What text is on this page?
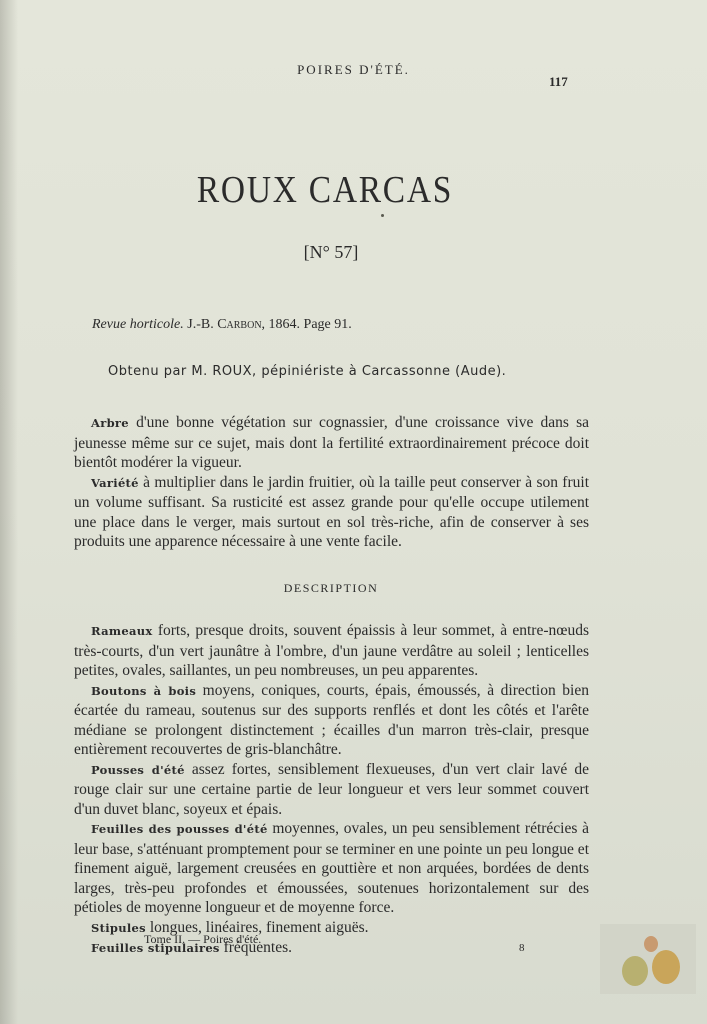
POIRES D'ÉTÉ.
117
ROUX CARCAS
[N° 57]
Revue horticole. J.-B. Carbon, 1864. Page 91.
Obtenu par M. ROUX, pépiniériste à Carcassonne (Aude).

Arbre d'une bonne végétation sur cognassier, d'une croissance vive dans sa jeunesse même sur ce sujet, mais dont la fertilité extraordinairement précoce doit bientôt modérer la vigueur.

Variété à multiplier dans le jardin fruitier, où la taille peut conserver à son fruit un volume suffisant. Sa rusticité est assez grande pour qu'elle occupe utilement une place dans le verger, mais surtout en sol très-riche, afin de conserver à ses produits une apparence nécessaire à une vente facile.

DESCRIPTION

Rameaux forts, presque droits, souvent épaissis à leur sommet, à entre-nœuds très-courts, d'un vert jaunâtre à l'ombre, d'un jaune verdâtre au soleil ; lenticelles petites, ovales, saillantes, un peu nombreuses, un peu apparentes.

Boutons à bois moyens, coniques, courts, épais, émoussés, à direction bien écartée du rameau, soutenus sur des supports renflés et dont les côtés et l'arête médiane se prolongent distinctement ; écailles d'un marron très-clair, presque entièrement recouvertes de gris-blanchâtre.

Pousses d'été assez fortes, sensiblement flexueuses, d'un vert clair lavé de rouge clair sur une certaine partie de leur longueur et vers leur sommet couvert d'un duvet blanc, soyeux et épais.

Feuilles des pousses d'été moyennes, ovales, un peu sensiblement rétrécies à leur base, s'atténuant promptement pour se terminer en une pointe un peu longue et finement aiguë, largement creusées en gouttière et non arquées, bordées de dents larges, très-peu profondes et émoussées, soutenues horizontalement sur des pétioles de moyenne longueur et de moyenne force.

Stipules longues, linéaires, finement aiguës.

Feuilles stipulaires fréquentes.

Tome II. — Poires d'été.
8
